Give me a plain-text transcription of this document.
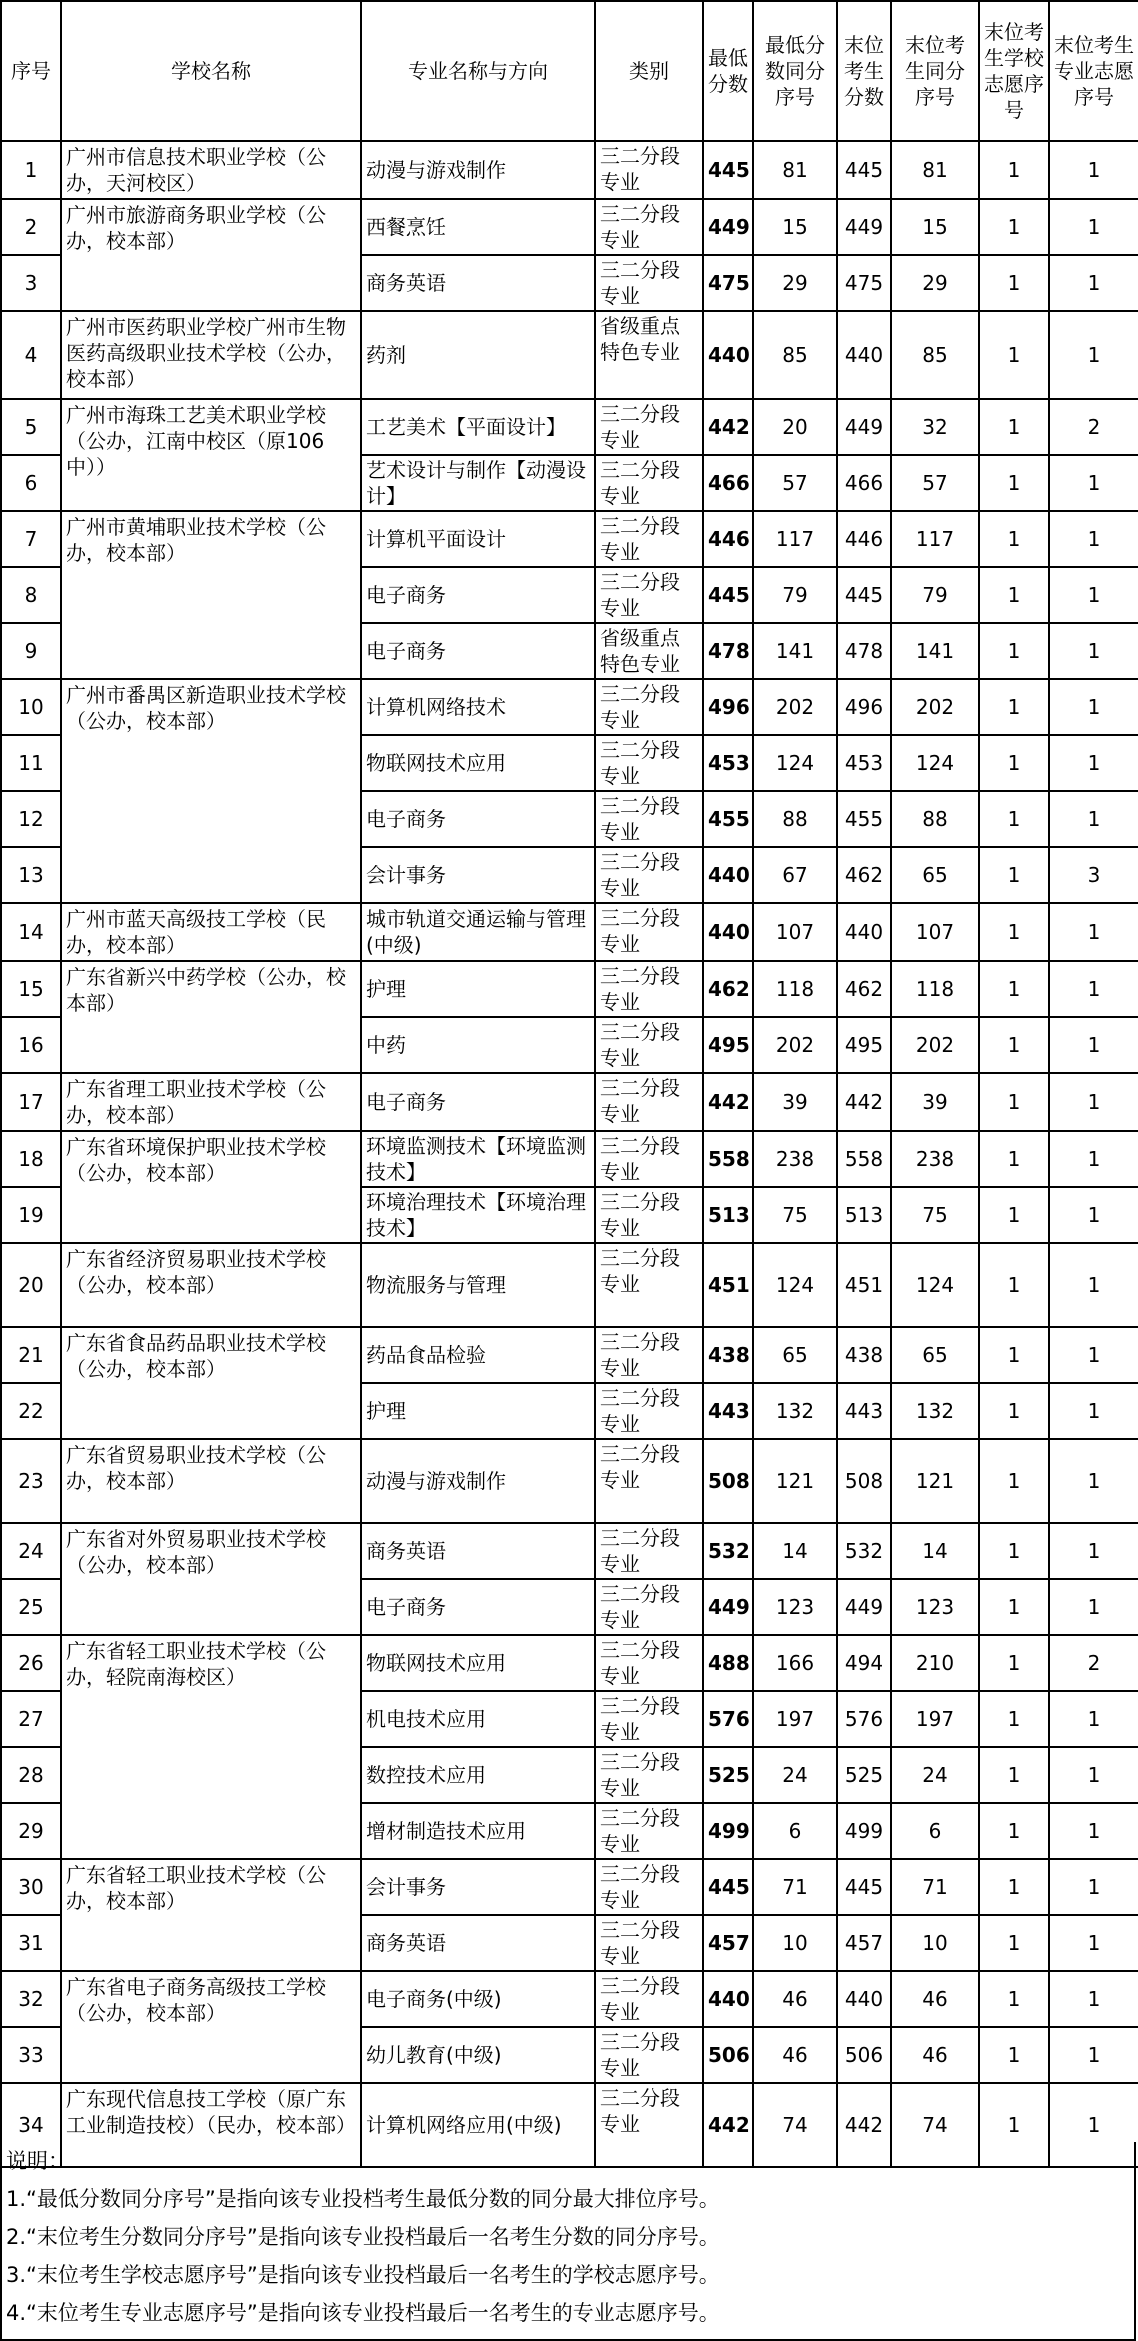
序号	学校名称	专业名称与方向	类别	最低分数	最低分数同分序号	末位考生分数	末位考生同分序号	末位考生学校志愿序号	末位考生专业志愿序号
1	广州市信息技术职业学校（公办，天河校区）	动漫与游戏制作	三二分段专业	445	81	445	81	1	1
2	广州市旅游商务职业学校（公办，校本部）	西餐烹饪	三二分段专业	449	15	449	15	1	1
3		商务英语	三二分段专业	475	29	475	29	1	1
4	广州市医药职业学校广州市生物医药高级职业技术学校（公办，校本部）	药剂	省级重点特色专业	440	85	440	85	1	1
5	广州市海珠工艺美术职业学校（公办，江南中校区（原106中））	工艺美术【平面设计】	三二分段专业	442	20	449	32	1	2
6		艺术设计与制作【动漫设计】	三二分段专业	466	57	466	57	1	1
7	广州市黄埔职业技术学校（公办，校本部）	计算机平面设计	三二分段专业	446	117	446	117	1	1
8		电子商务	三二分段专业	445	79	445	79	1	1
9		电子商务	省级重点特色专业	478	141	478	141	1	1
10	广州市番禺区新造职业技术学校（公办，校本部）	计算机网络技术	三二分段专业	496	202	496	202	1	1
11		物联网技术应用	三二分段专业	453	124	453	124	1	1
12		电子商务	三二分段专业	455	88	455	88	1	1
13		会计事务	三二分段专业	440	67	462	65	1	3
14	广州市蓝天高级技工学校（民办，校本部）	城市轨道交通运输与管理(中级)	三二分段专业	440	107	440	107	1	1
15	广东省新兴中药学校（公办，校本部）	护理	三二分段专业	462	118	462	118	1	1
16		中药	三二分段专业	495	202	495	202	1	1
17	广东省理工职业技术学校（公办，校本部）	电子商务	三二分段专业	442	39	442	39	1	1
18	广东省环境保护职业技术学校（公办，校本部）	环境监测技术【环境监测技术】	三二分段专业	558	238	558	238	1	1
19		环境治理技术【环境治理技术】	三二分段专业	513	75	513	75	1	1
20	广东省经济贸易职业技术学校（公办，校本部）	物流服务与管理	三二分段专业	451	124	451	124	1	1
21	广东省食品药品职业技术学校（公办，校本部）	药品食品检验	三二分段专业	438	65	438	65	1	1
22		护理	三二分段专业	443	132	443	132	1	1
23	广东省贸易职业技术学校（公办，校本部）	动漫与游戏制作	三二分段专业	508	121	508	121	1	1
24	广东省对外贸易职业技术学校（公办，校本部）	商务英语	三二分段专业	532	14	532	14	1	1
25		电子商务	三二分段专业	449	123	449	123	1	1
26	广东省轻工职业技术学校（公办，轻院南海校区）	物联网技术应用	三二分段专业	488	166	494	210	1	2
27		机电技术应用	三二分段专业	576	197	576	197	1	1
28		数控技术应用	三二分段专业	525	24	525	24	1	1
29		增材制造技术应用	三二分段专业	499	6	499	6	1	1
30	广东省轻工职业技术学校（公办，校本部）	会计事务	三二分段专业	445	71	445	71	1	1
31		商务英语	三二分段专业	457	10	457	10	1	1
32	广东省电子商务高级技工学校（公办，校本部）	电子商务(中级)	三二分段专业	440	46	440	46	1	1
33		幼儿教育(中级)	三二分段专业	506	46	506	46	1	1
34	广东现代信息技工学校（原广东工业制造技校）（民办，校本部）	计算机网络应用(中级)	三二分段专业	442	74	442	74	1	1
说明：
1.“最低分数同分序号”是指向该专业投档考生最低分数的同分最大排位序号。
2.“末位考生分数同分序号”是指向该专业投档最后一名考生分数的同分序号。
3.“末位考生学校志愿序号”是指向该专业投档最后一名考生的学校志愿序号。
4.“末位考生专业志愿序号”是指向该专业投档最后一名考生的专业志愿序号。
